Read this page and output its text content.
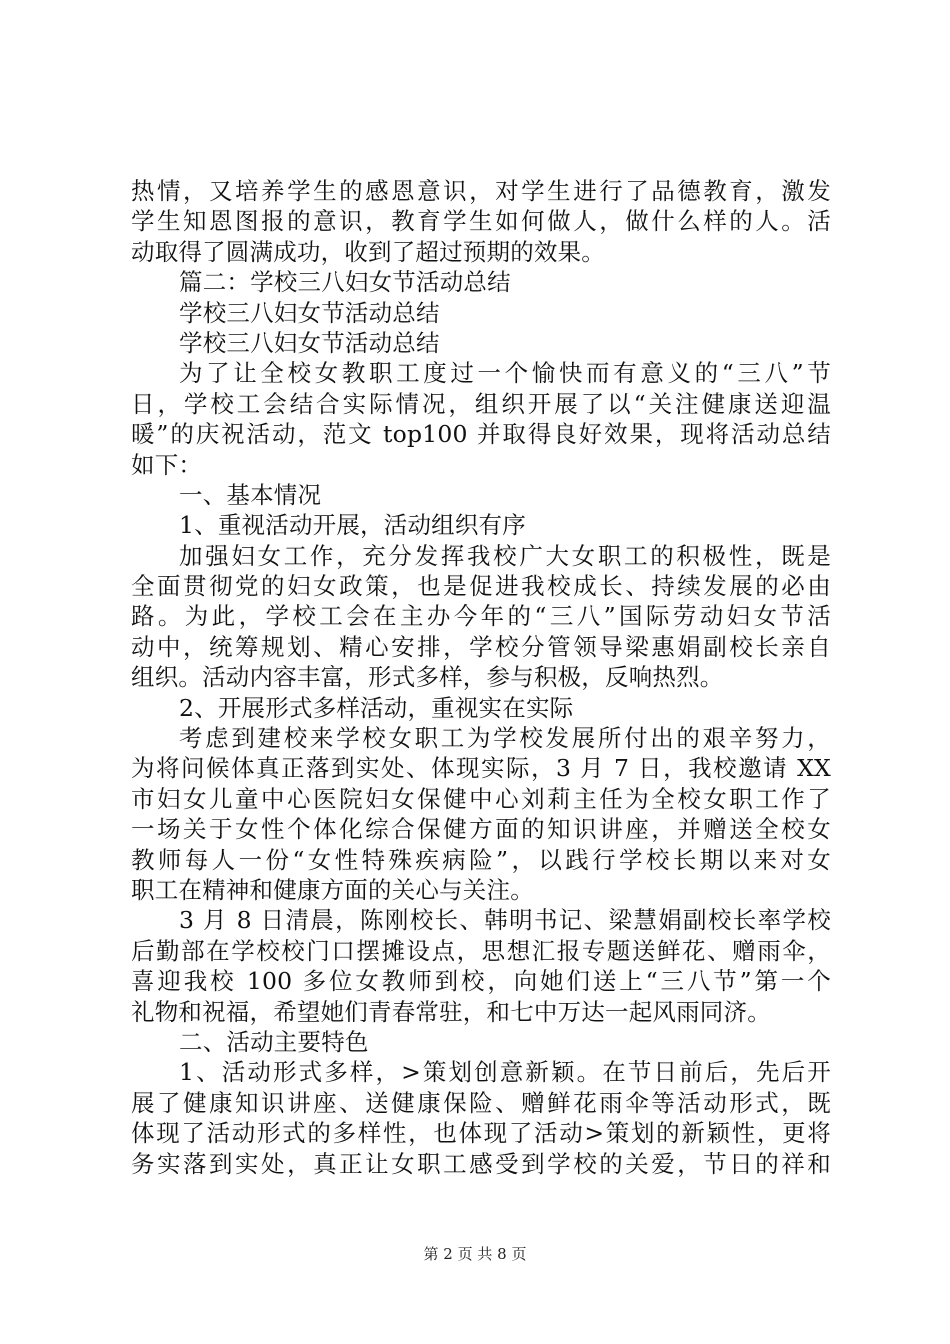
热情，又培养学生的感恩意识，对学生进行了品德教育，激发
学生知恩图报的意识，教育学生如何做人，做什么样的人。活
动取得了圆满成功，收到了超过预期的效果。
篇二：学校三八妇女节活动总结
学校三八妇女节活动总结
学校三八妇女节活动总结
为了让全校女教职工度过一个愉快而有意义的“三八”节
日，学校工会结合实际情况，组织开展了以“关注健康送迎温
暖”的庆祝活动，范文 top100 并取得良好效果，现将活动总结
如下：
一、基本情况
1、重视活动开展，活动组织有序
加强妇女工作，充分发挥我校广大女职工的积极性，既是
全面贯彻党的妇女政策，也是促进我校成长、持续发展的必由
路。为此，学校工会在主办今年的“三八”国际劳动妇女节活
动中，统筹规划、精心安排，学校分管领导梁惠娟副校长亲自
组织。活动内容丰富，形式多样，参与积极，反响热烈。
2、开展形式多样活动，重视实在实际
考虑到建校来学校女职工为学校发展所付出的艰辛努力，
为将问候体真正落到实处、体现实际，3 月 7 日，我校邀请 XX
市妇女儿童中心医院妇女保健中心刘莉主任为全校女职工作了
一场关于女性个体化综合保健方面的知识讲座，并赠送全校女
教师每人一份“女性特殊疾病险”，以践行学校长期以来对女
职工在精神和健康方面的关心与关注。
3 月 8 日清晨，陈刚校长、韩明书记、梁慧娟副校长率学校
后勤部在学校校门口摆摊设点，思想汇报专题送鲜花、赠雨伞，
喜迎我校 100 多位女教师到校，向她们送上“三八节”第一个
礼物和祝福，希望她们青春常驻，和七中万达一起风雨同济。
二、活动主要特色
1、活动形式多样，>策划创意新颖。在节日前后，先后开
展了健康知识讲座、送健康保险、赠鲜花雨伞等活动形式，既
体现了活动形式的多样性，也体现了活动>策划的新颖性，更将
务实落到实处，真正让女职工感受到学校的关爱，节日的祥和
第 2 页 共 8 页
